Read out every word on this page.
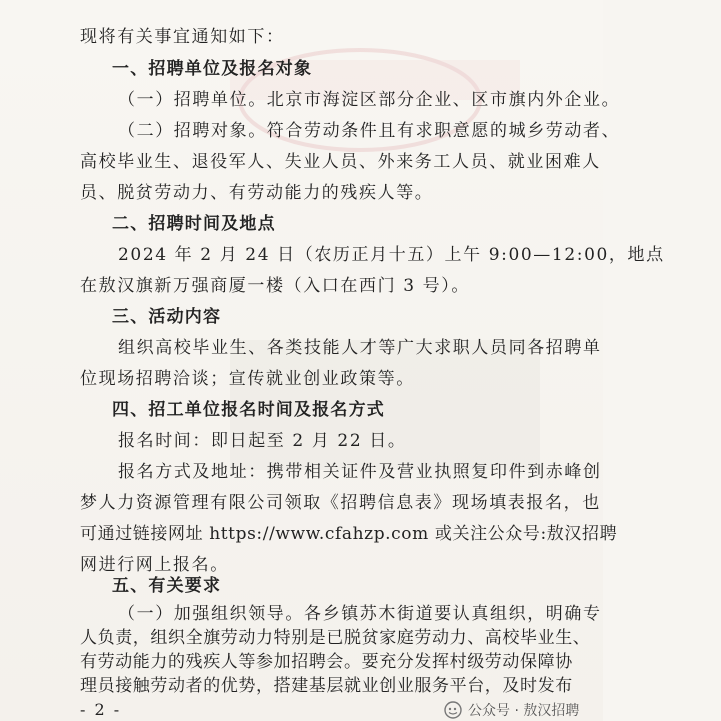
现将有关事宜通知如下：
一、招聘单位及报名对象
（一）招聘单位。北京市海淀区部分企业、区市旗内外企业。
（二）招聘对象。符合劳动条件且有求职意愿的城乡劳动者、
高校毕业生、退役军人、失业人员、外来务工人员、就业困难人
员、脱贫劳动力、有劳动能力的残疾人等。
二、招聘时间及地点
2024 年 2 月 24 日（农历正月十五）上午 9:00—12:00，地点
在敖汉旗新万强商厦一楼（入口在西门 3 号）。
三、活动内容
组织高校毕业生、各类技能人才等广大求职人员同各招聘单
位现场招聘洽谈；宣传就业创业政策等。
四、招工单位报名时间及报名方式
报名时间：即日起至 2 月 22 日。
报名方式及地址：携带相关证件及营业执照复印件到赤峰创
梦人力资源管理有限公司领取《招聘信息表》现场填表报名，也
可通过链接网址 https://www.cfahzp.com 或关注公众号:敖汉招聘
网进行网上报名。
五、有关要求
（一）加强组织领导。各乡镇苏木街道要认真组织，明确专
人负责，组织全旗劳动力特别是已脱贫家庭劳动力、高校毕业生、
- 2 -	公众号 · 敖汉招聘
有劳动能力的残疾人等参加招聘会。要充分发挥村级劳动保障协
理员接触劳动者的优势，搭建基层就业创业服务平台，及时发布
